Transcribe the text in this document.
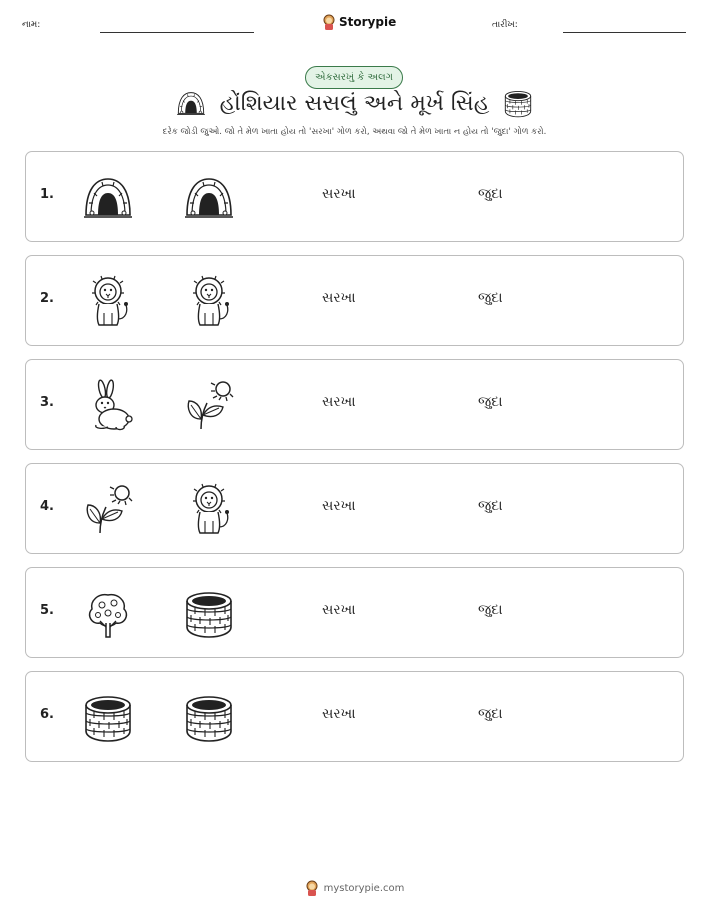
નામ:	Storypie	તારીખ:
એકસરખું કે અલગ
હોંશિયાર સસલું અને મૂર્ખ સિંહ
દરેક જોડી જુઓ. જો તે મેળ ખાતા હોય તો 'સરખા' ગોળ કરો, અથવા જો તે મેળ ખાતા ન હોય તો 'જુદા' ગોળ કરો.
1.	સરખા	જુદા
2.	સરખા	જુદા
3.	સરખા	જુદા
4.	સરખા	જુદા
5.	સરખા	જુદા
6.	સરખા	જુદા
mystorypie.com
